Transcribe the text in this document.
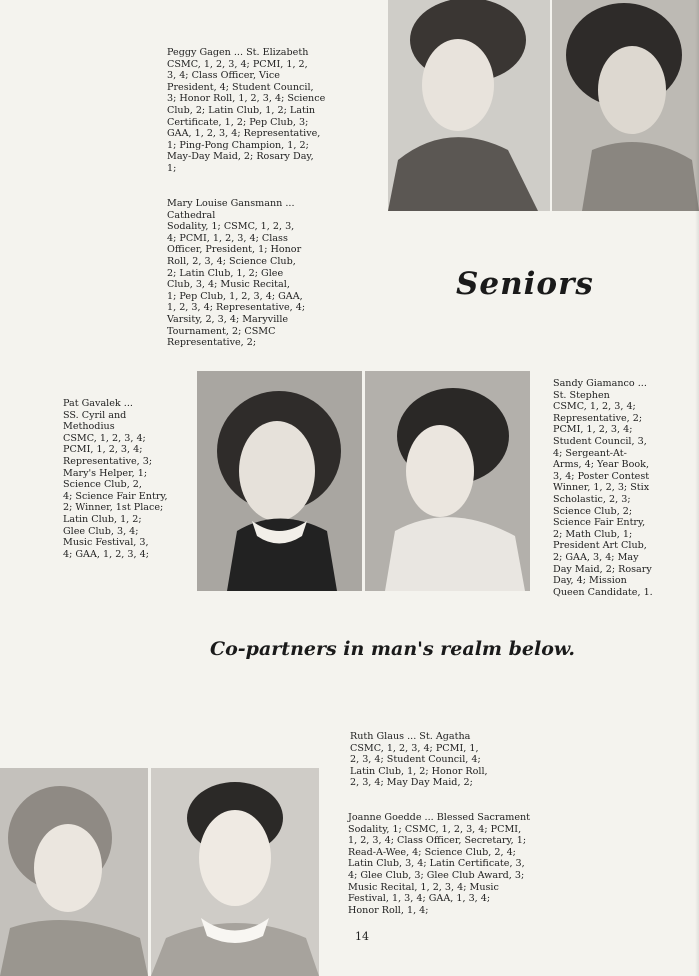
Peggy Gagen ... St. Elizabeth
CSMC, 1, 2, 3, 4; PCMI, 1, 2,
3, 4; Class Officer, Vice
President, 4; Student Council,
3; Honor Roll, 1, 2, 3, 4; Science
Club, 2; Latin Club, 1, 2; Latin
Certificate, 1, 2; Pep Club, 3;
GAA, 1, 2, 3, 4; Representative,
1; Ping-Pong Champion, 1, 2;
May-Day Maid, 2; Rosary Day,
1;
Mary Louise Gansmann ...
Cathedral
Sodality, 1; CSMC, 1, 2, 3,
4; PCMI, 1, 2, 3, 4; Class
Officer, President, 1; Honor
Roll, 2, 3, 4; Science Club,
2; Latin Club, 1, 2; Glee
Club, 3, 4; Music Recital,
1; Pep Club, 1, 2, 3, 4; GAA,
1, 2, 3, 4; Representative, 4;
Varsity, 2, 3, 4; Maryville
Tournament, 2; CSMC
Representative, 2;
Seniors
Pat Gavalek ...
SS. Cyril and
Methodius
CSMC, 1, 2, 3, 4;
PCMI, 1, 2, 3, 4;
Representative, 3;
Mary's Helper, 1;
Science Club, 2,
4; Science Fair Entry,
2; Winner, 1st Place;
Latin Club, 1, 2;
Glee Club, 3, 4;
Music Festival, 3,
4; GAA, 1, 2, 3, 4;
Sandy Giamanco ...
St. Stephen
CSMC, 1, 2, 3, 4;
Representative, 2;
PCMI, 1, 2, 3, 4;
Student Council, 3,
4; Sergeant-At-
Arms, 4; Year Book,
3, 4; Poster Contest
Winner, 1, 2, 3; Stix
Scholastic, 2, 3;
Science Club, 2;
Science Fair Entry,
2; Math Club, 1;
President Art Club,
2; GAA, 3, 4; May
Day Maid, 2; Rosary
Day, 4; Mission
Queen Candidate, 1.
Co-partners in man's realm below.
Ruth Glaus ... St. Agatha
CSMC, 1, 2, 3, 4; PCMI, 1,
2, 3, 4; Student Council, 4;
Latin Club, 1, 2; Honor Roll,
2, 3, 4; May Day Maid, 2;
Joanne Goedde ... Blessed Sacrament
Sodality, 1; CSMC, 1, 2, 3, 4; PCMI,
1, 2, 3, 4; Class Officer, Secretary, 1;
Read-A-Wee, 4; Science Club, 2, 4;
Latin Club, 3, 4; Latin Certificate, 3,
4; Glee Club, 3; Glee Club Award, 3;
Music Recital, 1, 2, 3, 4; Music
Festival, 1, 3, 4; GAA, 1, 3, 4;
Honor Roll, 1, 4;
14
